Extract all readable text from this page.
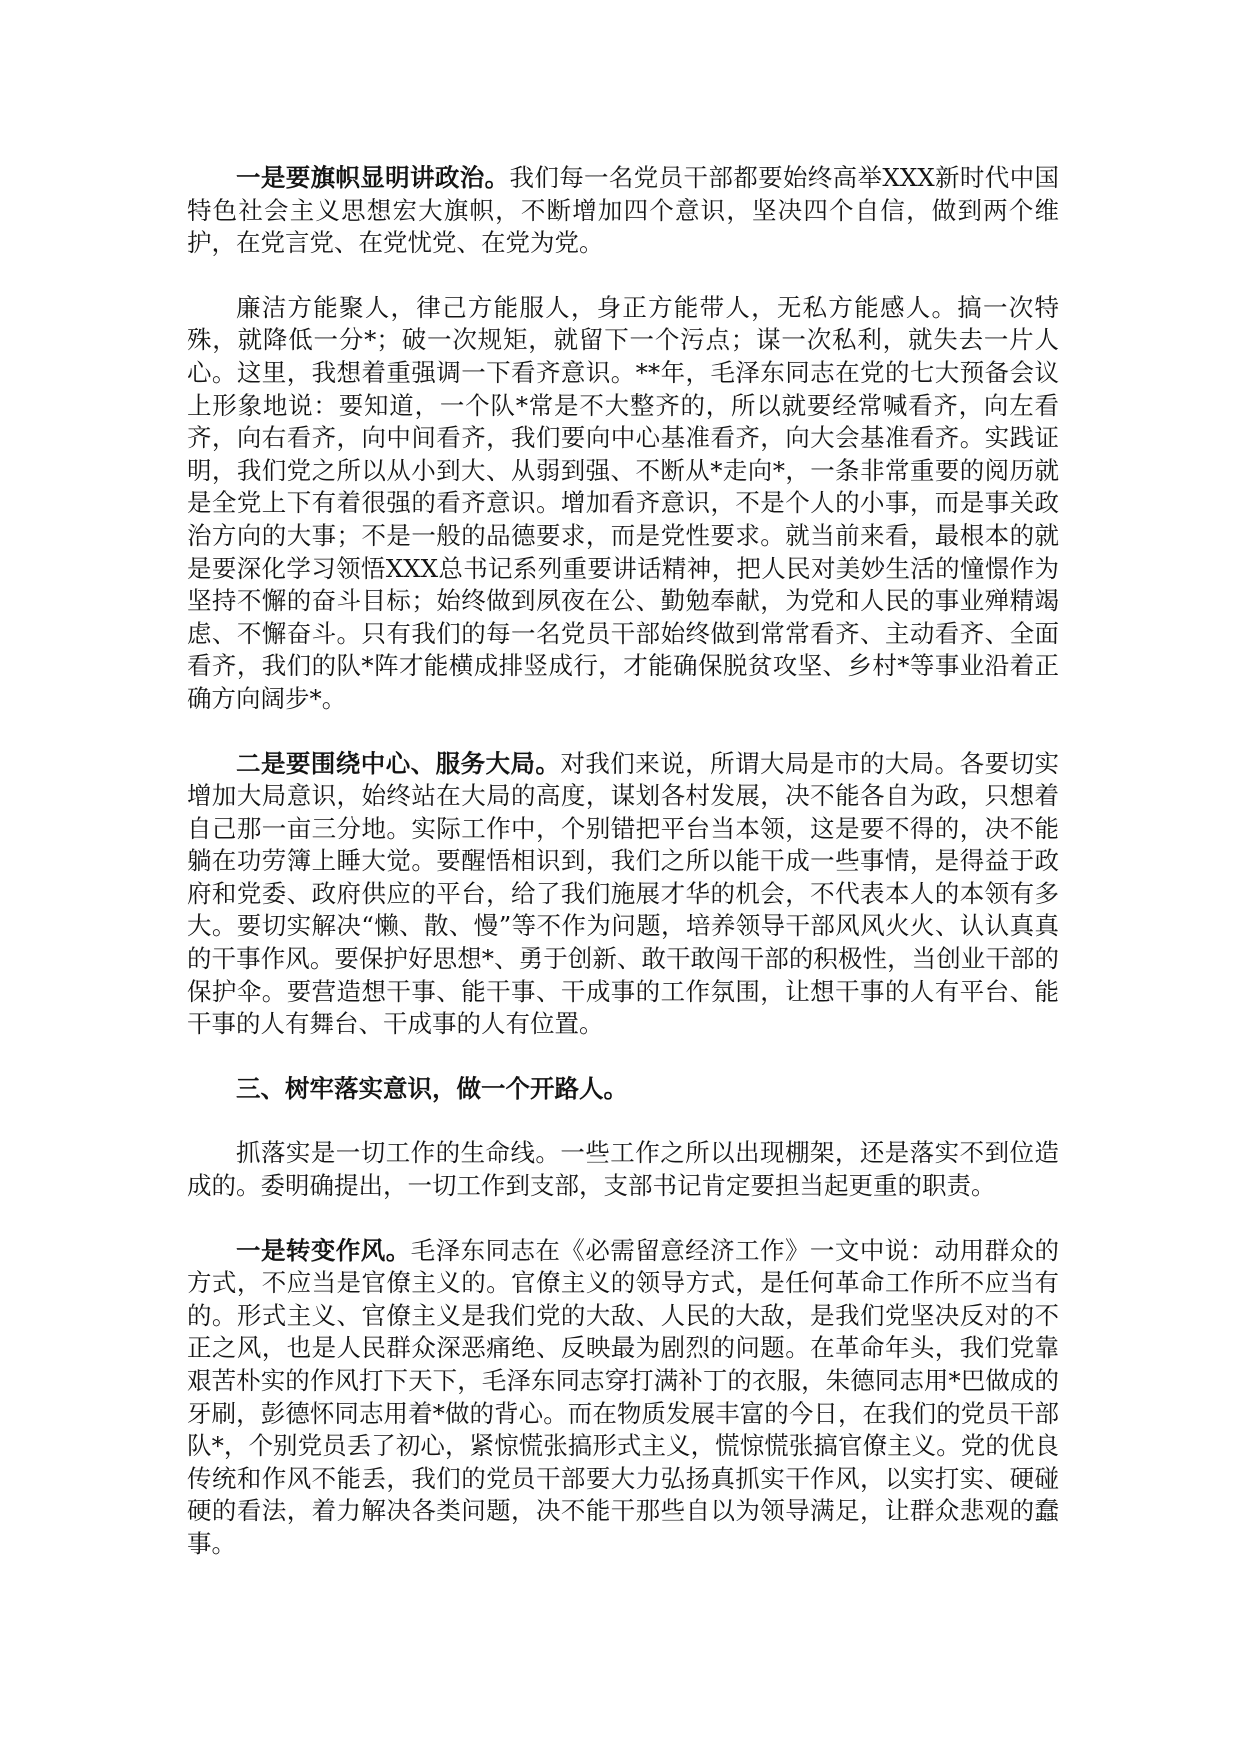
一是要旗帜显明讲政治。我们每一名党员干部都要始终高举XXX新时代中国特色社会主义思想宏大旗帜，不断增加四个意识，坚决四个自信，做到两个维护，在党言党、在党忧党、在党为党。

廉洁方能聚人，律己方能服人，身正方能带人，无私方能感人。搞一次特殊，就降低一分*；破一次规矩，就留下一个污点；谋一次私利，就失去一片人心。这里，我想着重强调一下看齐意识。**年，毛泽东同志在党的七大预备会议上形象地说：要知道，一个队*常是不大整齐的，所以就要经常喊看齐，向左看齐，向右看齐，向中间看齐，我们要向中心基准看齐，向大会基准看齐。实践证明，我们党之所以从小到大、从弱到强、不断从*走向*，一条非常重要的阅历就是全党上下有着很强的看齐意识。增加看齐意识，不是个人的小事，而是事关政治方向的大事；不是一般的品德要求，而是党性要求。就当前来看，最根本的就是要深化学习领悟XXX总书记系列重要讲话精神，把人民对美妙生活的憧憬作为坚持不懈的奋斗目标；始终做到夙夜在公、勤勉奉献，为党和人民的事业殚精竭虑、不懈奋斗。只有我们的每一名党员干部始终做到常常看齐、主动看齐、全面看齐，我们的队*阵才能横成排竖成行，才能确保脱贫攻坚、乡村*等事业沿着正确方向阔步*。

二是要围绕中心、服务大局。对我们来说，所谓大局是市的大局。各要切实增加大局意识，始终站在大局的高度，谋划各村发展，决不能各自为政，只想着自己那一亩三分地。实际工作中，个别错把平台当本领，这是要不得的，决不能躺在功劳簿上睡大觉。要醒悟相识到，我们之所以能干成一些事情，是得益于政府和党委、政府供应的平台，给了我们施展才华的机会，不代表本人的本领有多大。要切实解决“懒、散、慢”等不作为问题，培养领导干部风风火火、认认真真的干事作风。要保护好思想*、勇于创新、敢干敢闯干部的积极性，当创业干部的保护伞。要营造想干事、能干事、干成事的工作氛围，让想干事的人有平台、能干事的人有舞台、干成事的人有位置。

三、树牢落实意识，做一个开路人。

抓落实是一切工作的生命线。一些工作之所以出现棚架，还是落实不到位造成的。委明确提出，一切工作到支部，支部书记肯定要担当起更重的职责。

一是转变作风。毛泽东同志在《必需留意经济工作》一文中说：动用群众的方式，不应当是官僚主义的。官僚主义的领导方式，是任何革命工作所不应当有的。形式主义、官僚主义是我们党的大敌、人民的大敌，是我们党坚决反对的不正之风，也是人民群众深恶痛绝、反映最为剧烈的问题。在革命年头，我们党靠艰苦朴实的作风打下天下，毛泽东同志穿打满补丁的衣服，朱德同志用*巴做成的牙刷，彭德怀同志用着*做的背心。而在物质发展丰富的今日，在我们的党员干部队*，个别党员丢了初心，紧惊慌张搞形式主义，慌惊慌张搞官僚主义。党的优良传统和作风不能丢，我们的党员干部要大力弘扬真抓实干作风，以实打实、硬碰硬的看法，着力解决各类问题，决不能干那些自以为领导满足，让群众悲观的蠢事。
